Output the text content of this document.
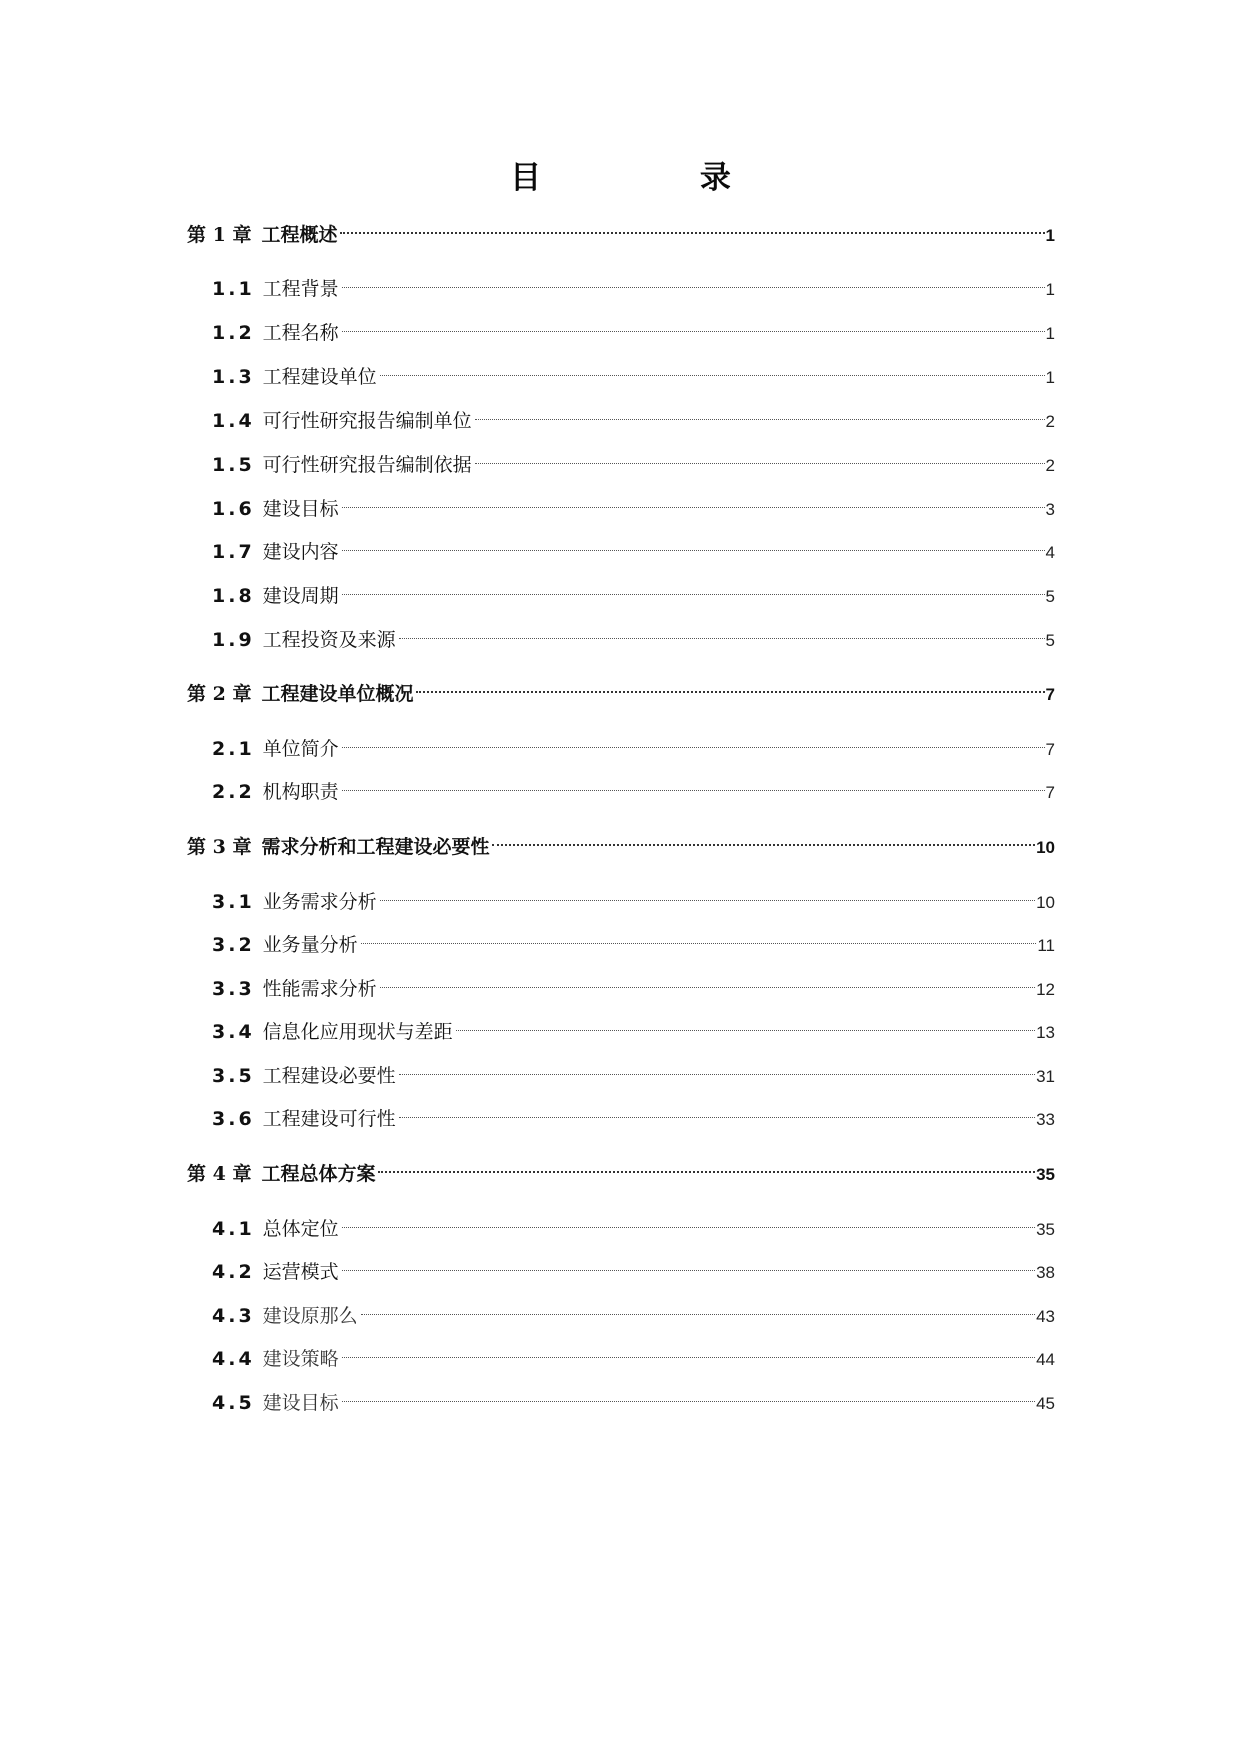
目 录
第 1 章 工程概述	1
1.1 工程背景	1
1.2 工程名称	1
1.3 工程建设单位	1
1.4 可行性研究报告编制单位	2
1.5 可行性研究报告编制依据	2
1.6 建设目标	3
1.7 建设内容	4
1.8 建设周期	5
1.9 工程投资及来源	5
第 2 章 工程建设单位概况	7
2.1 单位简介	7
2.2 机构职责	7
第 3 章 需求分析和工程建设必要性	10
3.1 业务需求分析	10
3.2 业务量分析	11
3.3 性能需求分析	12
3.4 信息化应用现状与差距	13
3.5 工程建设必要性	31
3.6 工程建设可行性	33
第 4 章 工程总体方案	35
4.1 总体定位	35
4.2 运营模式	38
4.3 建设原那么	43
4.4 建设策略	44
4.5 建设目标	45
